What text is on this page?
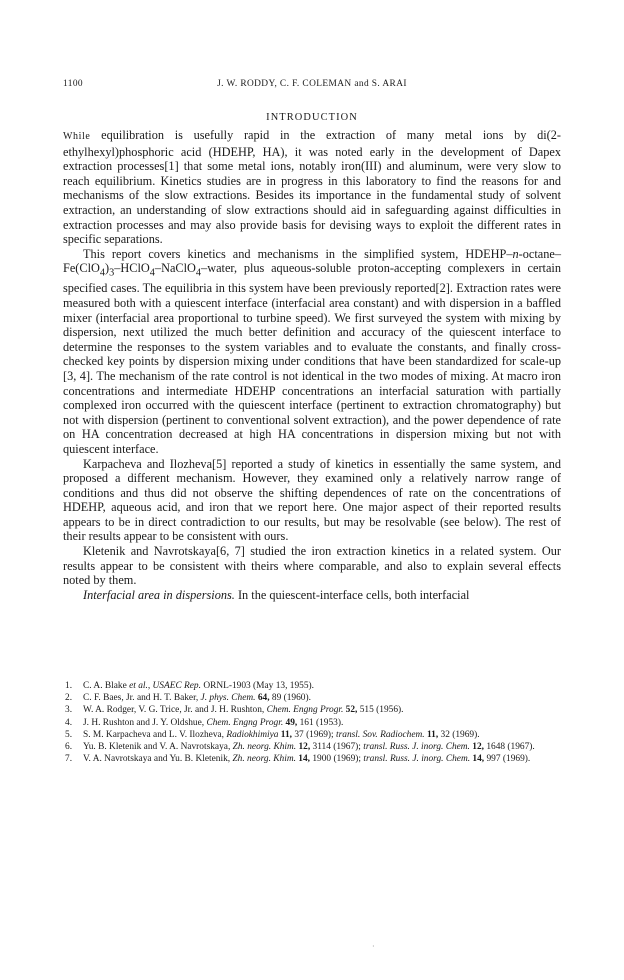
1100	J. W. RODDY, C. F. COLEMAN and S. ARAI
INTRODUCTION

While equilibration is usefully rapid in the extraction of many metal ions by di(2-ethylhexyl)phosphoric acid (HDEHP, HA), it was noted early in the development of Dapex extraction processes[1] that some metal ions, notably iron(III) and aluminum, were very slow to reach equilibrium. Kinetics studies are in progress in this laboratory to find the reasons for and mechanisms of the slow extractions. Besides its importance in the fundamental study of solvent extraction, an understanding of slow extractions should aid in safeguarding against difficulties in extraction processes and may also provide basis for devising ways to exploit the different rates in specific separations.

This report covers kinetics and mechanisms in the simplified system, HDEHP–$n-octane-Fe(ClO_4)_3-HClO_4-NaClO_4$–water, plus aqueous-soluble proton-accepting complexers in certain specified cases. The equilibria in this system have been previously reported[2]. Extraction rates were measured both with a quiescent interface (interfacial area constant) and with dispersion in a baffled mixer (interfacial area proportional to turbine speed). We first surveyed the system with mixing by dispersion, next utilized the much better definition and accuracy of the quiescent interface to determine the responses to the system variables and to evaluate the constants, and finally cross-checked key points by dispersion mixing under conditions that have been standardized for scale-up [3, 4]. The mechanism of the rate control is not identical in the two modes of mixing. At macro iron concentrations and intermediate HDEHP concentrations an interfacial saturation with partially complexed iron occurred with the quiescent interface (pertinent to extraction chromatography) but not with dispersion (pertinent to conventional solvent extraction), and the power dependence of rate on HA concentration decreased at high HA concentrations in dispersion mixing but not with quiescent interface.

Karpacheva and Ilozheva[5] reported a study of kinetics in essentially the same system, and proposed a different mechanism. However, they examined only a relatively narrow range of conditions and thus did not observe the shifting dependences of rate on the concentrations of HDEHP, aqueous acid, and iron that we report here. One major aspect of their reported results appears to be in direct contradiction to our results, but may be resolvable (see below). The rest of their results appear to be consistent with ours.

Kletenik and Navrotskaya[6, 7] studied the iron extraction kinetics in a related system. Our results appear to be consistent with theirs where comparable, and also to explain several effects noted by them.

Interfacial area in dispersions. In the quiescent-interface cells, both interfacial

1. C. A. Blake et al., USAEC Rep. ORNL-1903 (May 13, 1955).
2. C. F. Baes, Jr. and H. T. Baker, J. phys. Chem. 64, 89 (1960).
3. W. A. Rodger, V. G. Trice, Jr. and J. H. Rushton, Chem. Engng Progr. 52, 515 (1956).
4. J. H. Rushton and J. Y. Oldshue, Chem. Engng Progr. 49, 161 (1953).
5. S. M. Karpacheva and L. V. Ilozheva, Radiokhimiya 11, 37 (1969); transl. Sov. Radiochem. 11, 32 (1969).
6. Yu. B. Kletenik and V. A. Navrotskaya, Zh. neorg. Khim. 12, 3114 (1967); transl. Russ. J. inorg. Chem. 12, 1648 (1967).
7. V. A. Navrotskaya and Yu. B. Kletenik, Zh. neorg. Khim. 14, 1900 (1969); transl. Russ. J. inorg. Chem. 14, 997 (1969).
·
